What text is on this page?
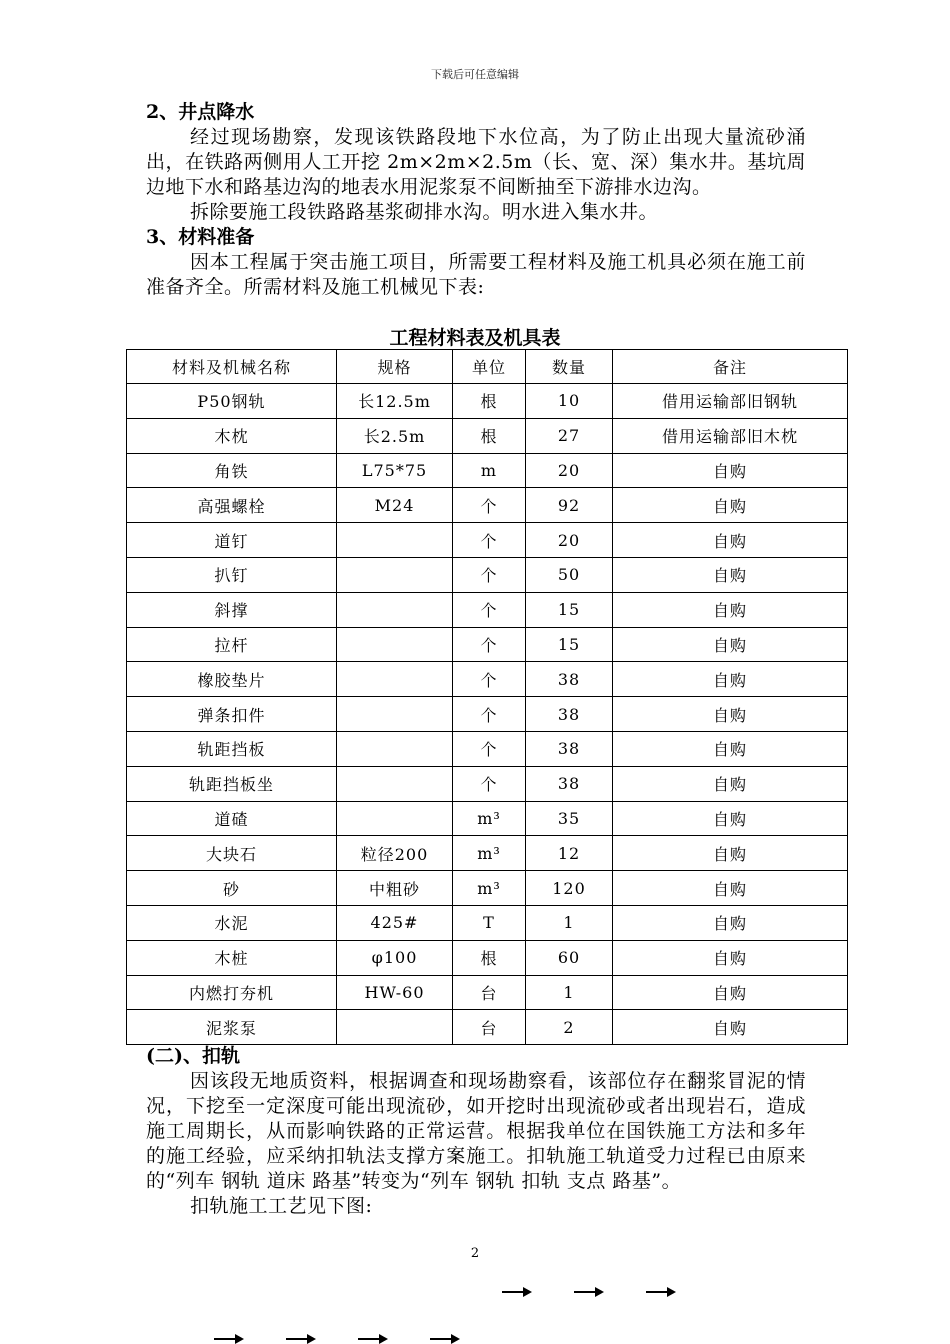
下载后可任意编辑

2、井点降水

经过现场勘察，发现该铁路段地下水位高，为了防止出现大量流砂涌出，在铁路两侧用人工开挖 2m×2m×2.5m（长、宽、深）集水井。基坑周边地下水和路基边沟的地表水用泥浆泵不间断抽至下游排水边沟。

拆除要施工段铁路路基浆砌排水沟。明水进入集水井。

3、材料准备

因本工程属于突击施工项目，所需要工程材料及施工机具必须在施工前准备齐全。所需材料及施工机械见下表:

工程材料表及机具表
材料及机械名称	规格	单位	数量	备注
P50钢轨	长12.5m	根	10	借用运输部旧钢轨
木枕	长2.5m	根	27	借用运输部旧木枕
角铁	L75*75	m	20	自购
高强螺栓	M24	个	92	自购
道钉		个	20	自购
扒钉		个	50	自购
斜撑		个	15	自购
拉杆		个	15	自购
橡胶垫片		个	38	自购
弹条扣件		个	38	自购
轨距挡板		个	38	自购
轨距挡板坐		个	38	自购
道碴		m³	35	自购
大块石	粒径200	m³	12	自购
砂	中粗砂	m³	120	自购
水泥	425#	T	1	自购
木桩	φ100	根	60	自购
内燃打夯机	HW-60	台	1	自购
泥浆泵		台	2	自购

(二)、扣轨

因该段无地质资料，根据调查和现场勘察看，该部位存在翻浆冒泥的情况，下挖至一定深度可能出现流砂，如开挖时出现流砂或者出现岩石，造成施工周期长，从而影响铁路的正常运营。根据我单位在国铁施工方法和多年的施工经验，应采纳扣轨法支撑方案施工。扣轨施工轨道受力过程已由原来的“列车 钢轨 道床 路基”转变为“列车 钢轨 扣轨 支点 路基”。

扣轨施工工艺见下图:

2
